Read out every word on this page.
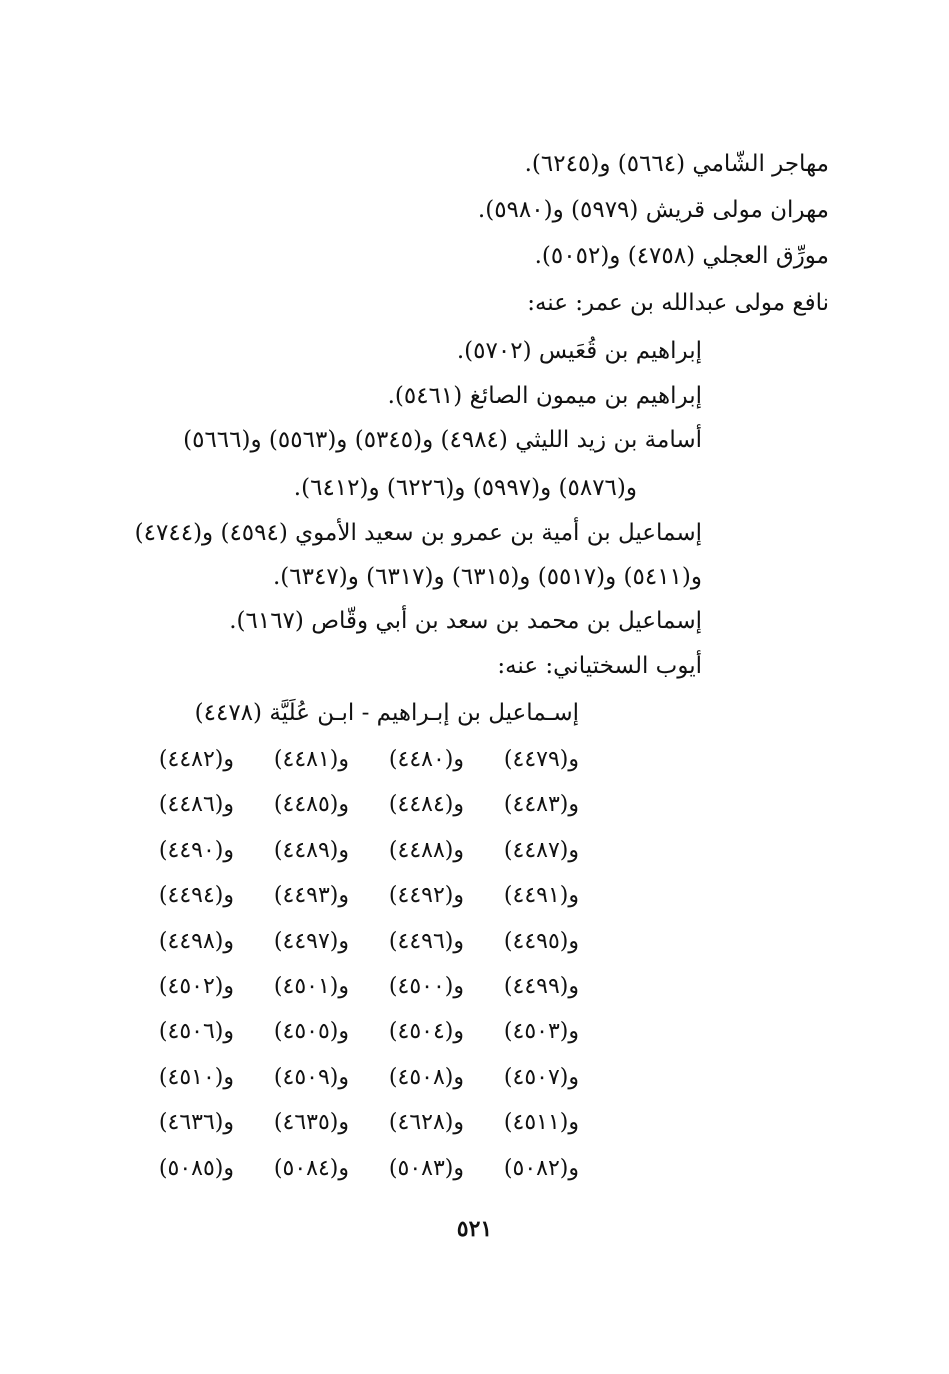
مهاجر الشّامي (٥٦٦٤) و(٦٢٤٥).
مهران مولى قريش (٥٩٧٩) و(٥٩٨٠).
مورِّق العجلي (٤٧٥٨) و(٥٠٥٢).
نافع مولى عبدالله بن عمر: عنه:
إبراهيم بن قُعَيس (٥٧٠٢).
إبراهيم بن ميمون الصائغ (٥٤٦١).
أسامة بن زيد الليثي (٤٩٨٤) و(٥٣٤٥) و(٥٥٦٣) و(٥٦٦٦)
و(٥٨٧٦) و(٥٩٩٧) و(٦٢٢٦) و(٦٤١٢).
إسماعيل بن أمية بن عمرو بن سعيد الأموي (٤٥٩٤) و(٤٧٤٤)
و(٥٤١١) و(٥٥١٧) و(٦٣١٥) و(٦٣١٧) و(٦٣٤٧).
إسماعيل بن محمد بن سعد بن أبي وقّاص (٦١٦٧).
أيوب السختياني: عنه:
إسـماعيل بن إبـراهيم - ابـن عُلَيَّة (٤٤٧٨)
و(٤٤٧٩)
و(٤٤٨٠)
و(٤٤٨١)
و(٤٤٨٢)
و(٤٤٨٣)
و(٤٤٨٤)
و(٤٤٨٥)
و(٤٤٨٦)
و(٤٤٨٧)
و(٤٤٨٨)
و(٤٤٨٩)
و(٤٤٩٠)
و(٤٤٩١)
و(٤٤٩٢)
و(٤٤٩٣)
و(٤٤٩٤)
و(٤٤٩٥)
و(٤٤٩٦)
و(٤٤٩٧)
و(٤٤٩٨)
و(٤٤٩٩)
و(٤٥٠٠)
و(٤٥٠١)
و(٤٥٠٢)
و(٤٥٠٣)
و(٤٥٠٤)
و(٤٥٠٥)
و(٤٥٠٦)
و(٤٥٠٧)
و(٤٥٠٨)
و(٤٥٠٩)
و(٤٥١٠)
و(٤٥١١)
و(٤٦٢٨)
و(٤٦٣٥)
و(٤٦٣٦)
و(٥٠٨٢)
و(٥٠٨٣)
و(٥٠٨٤)
و(٥٠٨٥)
٥٢١
